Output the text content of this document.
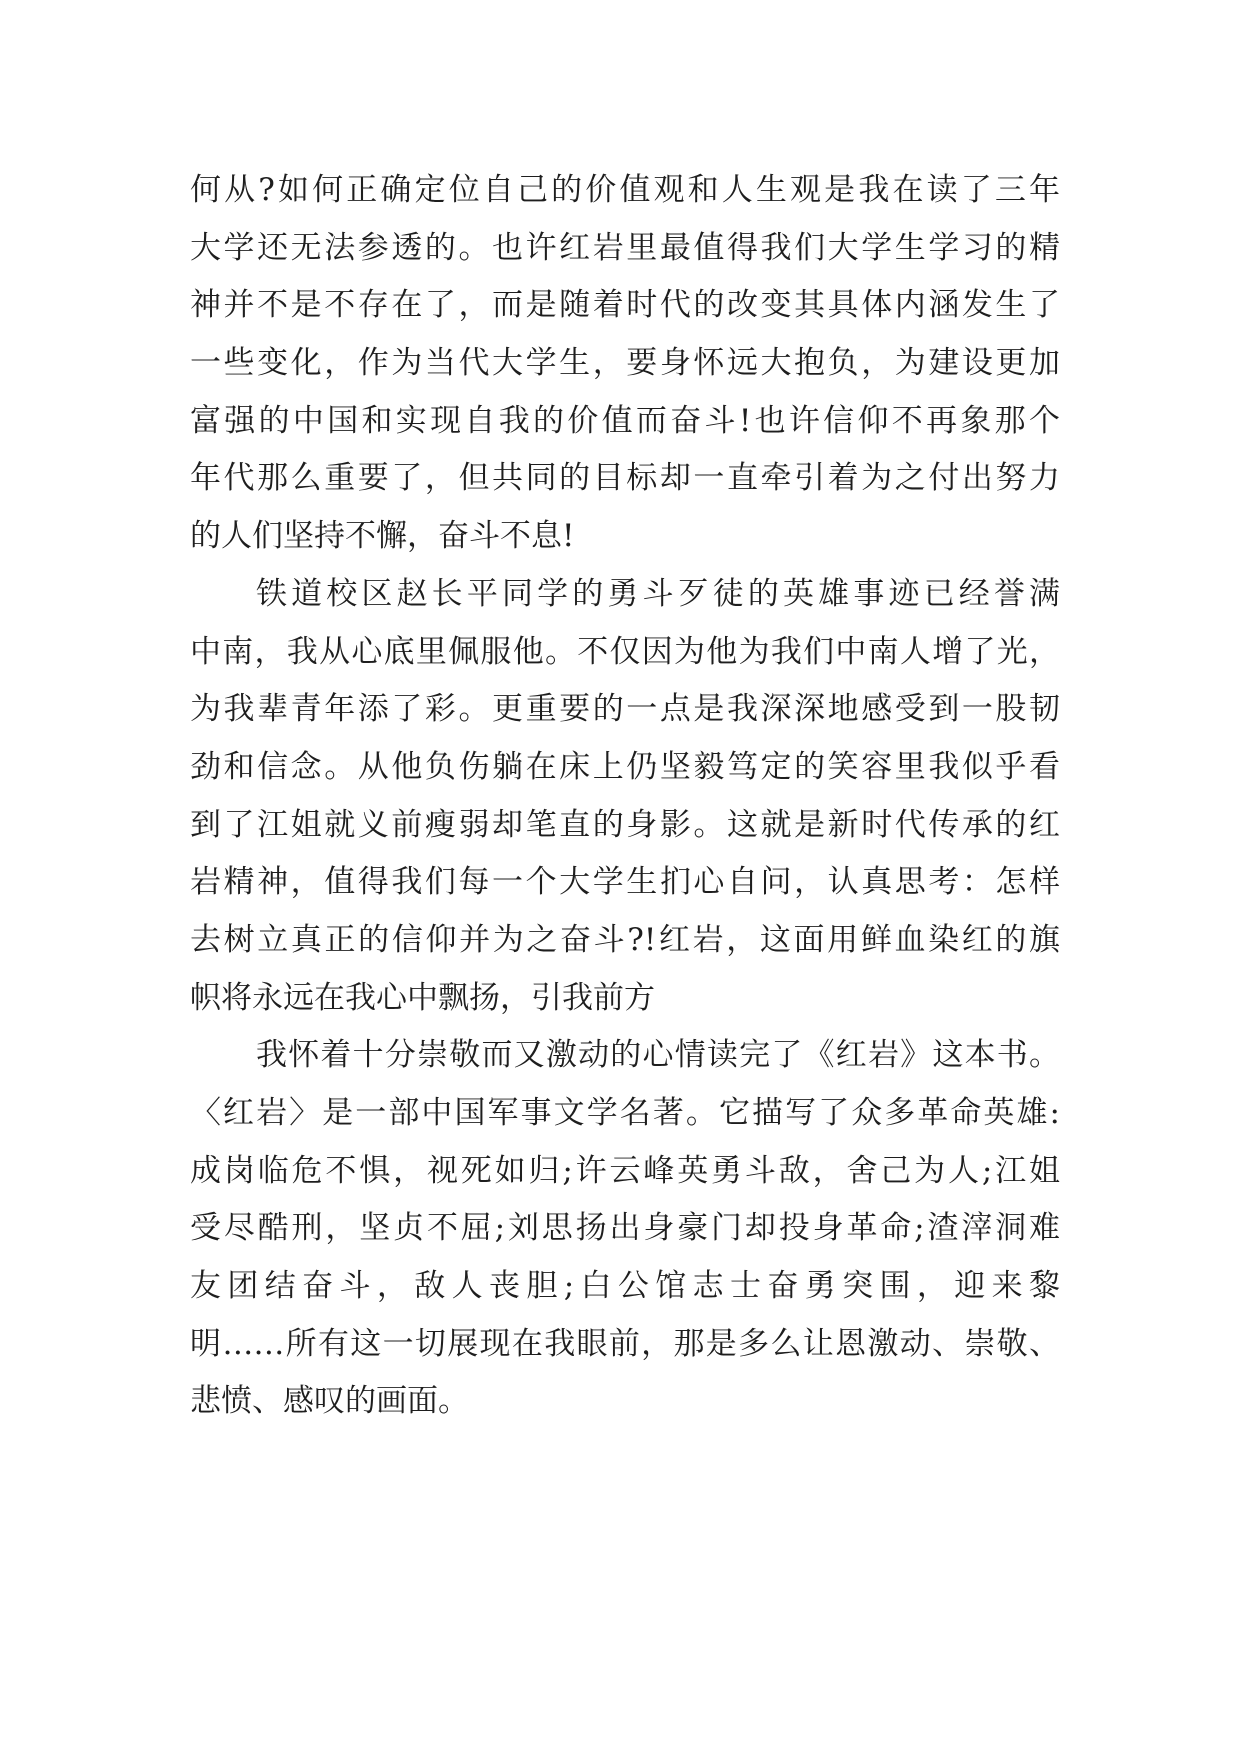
何从?如何正确定位自己的价值观和人生观是我在读了三年
大学还无法参透的。也许红岩里最值得我们大学生学习的精
神并不是不存在了，而是随着时代的改变其具体内涵发生了
一些变化，作为当代大学生，要身怀远大抱负，为建设更加
富强的中国和实现自我的价值而奋斗!也许信仰不再象那个
年代那么重要了，但共同的目标却一直牵引着为之付出努力
的人们坚持不懈，奋斗不息!
铁道校区赵长平同学的勇斗歹徒的英雄事迹已经誉满
中南，我从心底里佩服他。不仅因为他为我们中南人增了光，
为我辈青年添了彩。更重要的一点是我深深地感受到一股韧
劲和信念。从他负伤躺在床上仍坚毅笃定的笑容里我似乎看
到了江姐就义前瘦弱却笔直的身影。这就是新时代传承的红
岩精神，值得我们每一个大学生扪心自问，认真思考：怎样
去树立真正的信仰并为之奋斗?!红岩，这面用鲜血染红的旗
帜将永远在我心中飘扬，引我前方
我怀着十分崇敬而又激动的心情读完了《红岩》这本书。
〈红岩〉是一部中国军事文学名著。它描写了众多革命英雄:
成岗临危不惧，视死如归;许云峰英勇斗敌，舍己为人;江姐
受尽酷刑，坚贞不屈;刘思扬出身豪门却投身革命;渣滓洞难
友团结奋斗，敌人丧胆;白公馆志士奋勇突围，迎来黎
明……所有这一切展现在我眼前，那是多么让恩激动、崇敬、
悲愤、感叹的画面。
